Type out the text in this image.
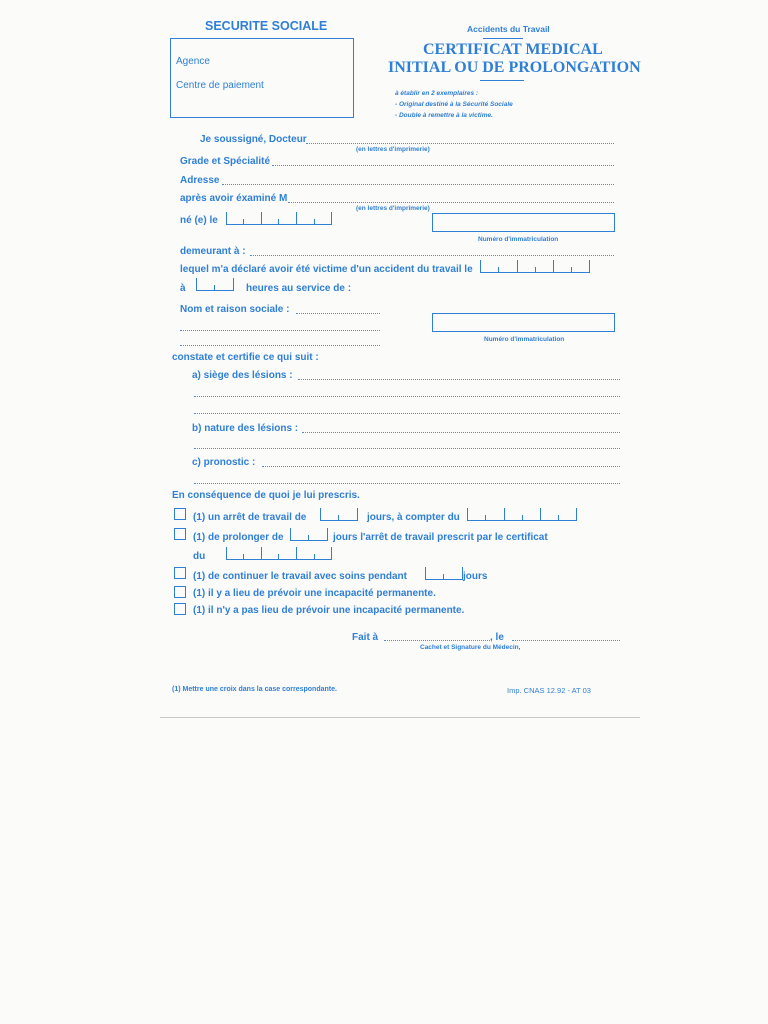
SECURITE SOCIALE	Accidents du Travail
Agence
Centre de paiement
CERTIFICAT MEDICAL
INITIAL OU DE PROLONGATION
à établir en 2 exemplaires :
- Original destiné à la Sécurité Sociale
- Double à remettre à la victime.
Je soussigné, Docteur
(en lettres d'imprimerie)
Grade et Spécialité
Adresse
après avoir éxaminé M
(en lettres d'imprimerie)
né (e) le
Numéro d'immatriculation
demeurant à :
lequel m'a déclaré avoir été victime d'un accident du travail le
à	heures au service de :
Nom et raison sociale :
Numéro d'immatriculation
constate et certifie ce qui suit :
a) siège des lésions :
b) nature des lésions :
c) pronostic :
En conséquence de quoi je lui prescris.
(1) un arrêt de travail de	jours, à compter du
(1) de prolonger de	jours l'arrêt de travail prescrit par le certificat
du
(1) de continuer le travail avec soins pendant	jours
(1) il y a lieu de prévoir une incapacité permanente.
(1) il n'y a pas lieu de prévoir une incapacité permanente.
Fait à	, le
Cachet et Signature du Médecin,
(1) Mettre une croix dans la case correspondante.	Imp. CNAS 12.92 - AT 03
